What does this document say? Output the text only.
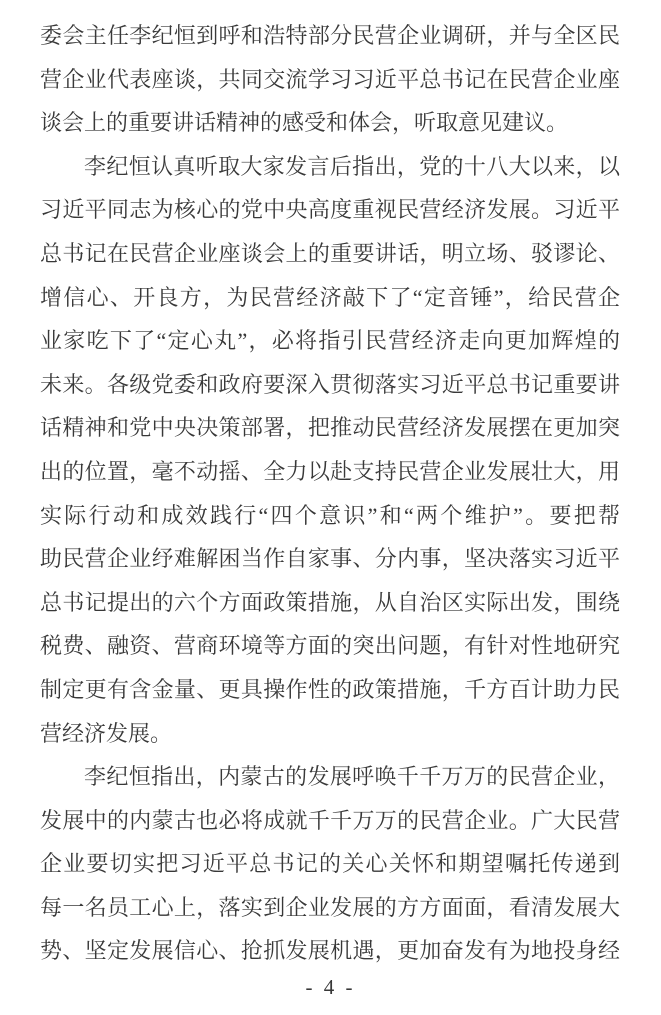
委会主任李纪恒到呼和浩特部分民营企业调研，并与全区民
营企业代表座谈，共同交流学习习近平总书记在民营企业座
谈会上的重要讲话精神的感受和体会，听取意见建议。
李纪恒认真听取大家发言后指出，党的十八大以来，以
习近平同志为核心的党中央高度重视民营经济发展。习近平
总书记在民营企业座谈会上的重要讲话，明立场、驳谬论、
增信心、开良方，为民营经济敲下了“定音锤”，给民营企
业家吃下了“定心丸”，必将指引民营经济走向更加辉煌的
未来。各级党委和政府要深入贯彻落实习近平总书记重要讲
话精神和党中央决策部署，把推动民营经济发展摆在更加突
出的位置，毫不动摇、全力以赴支持民营企业发展壮大，用
实际行动和成效践行“四个意识”和“两个维护”。要把帮
助民营企业纾难解困当作自家事、分内事，坚决落实习近平
总书记提出的六个方面政策措施，从自治区实际出发，围绕
税费、融资、营商环境等方面的突出问题，有针对性地研究
制定更有含金量、更具操作性的政策措施，千方百计助力民
营经济发展。
李纪恒指出，内蒙古的发展呼唤千千万万的民营企业，
发展中的内蒙古也必将成就千千万万的民营企业。广大民营
企业要切实把习近平总书记的关心关怀和期望嘱托传递到
每一名员工心上，落实到企业发展的方方面面，看清发展大
势、坚定发展信心、抢抓发展机遇，更加奋发有为地投身经
- 4 -
